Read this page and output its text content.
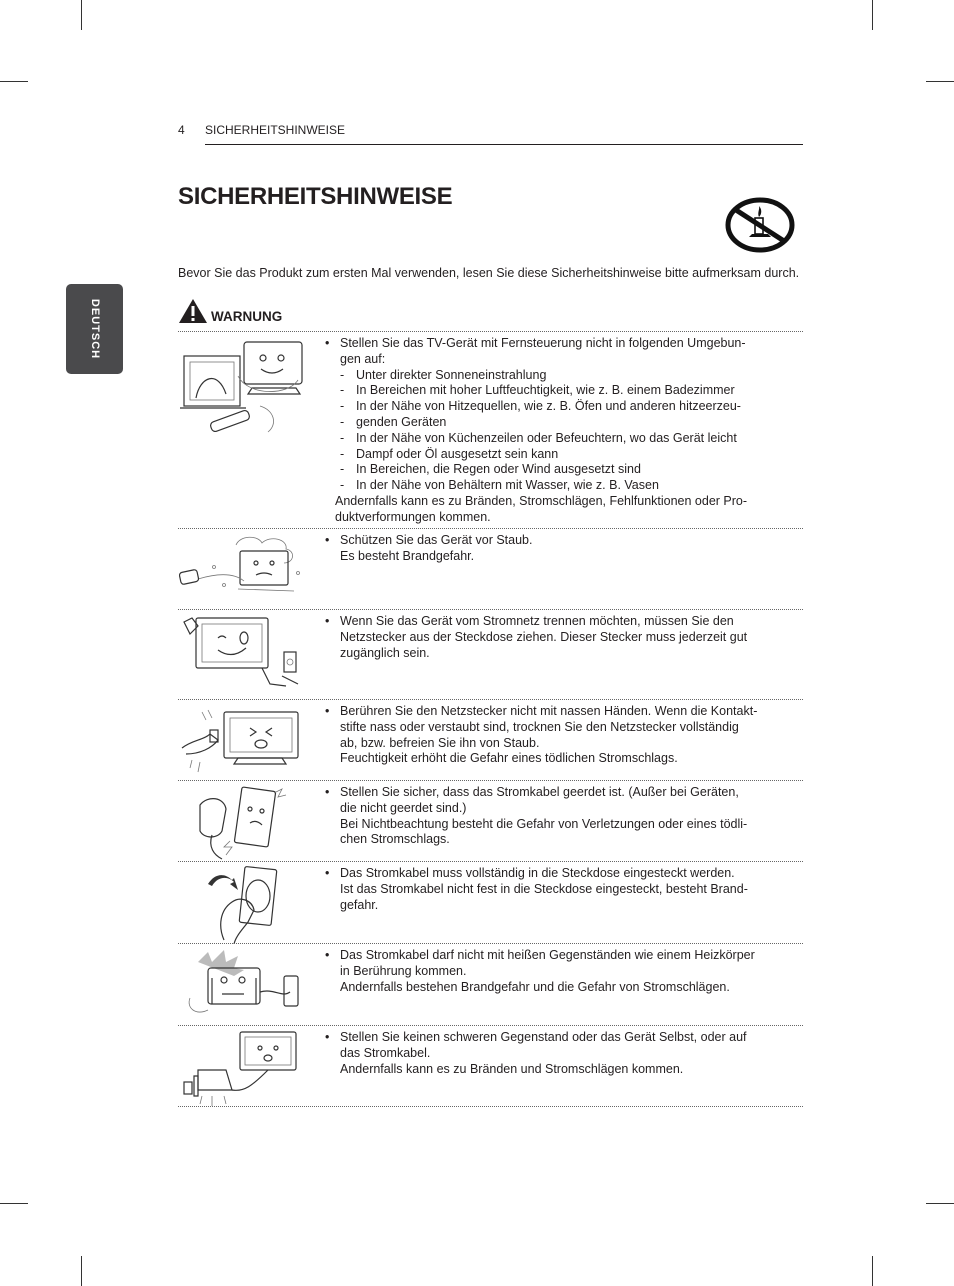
DEUTSCH
4 SICHERHEITSHINWEISE
SICHERHEITSHINWEISE
Bevor Sie das Produkt zum ersten Mal verwenden, lesen Sie diese Sicherheitshinweise bitte aufmerksam durch.
WARNUNG

• Stellen Sie das TV-Gerät mit Fernsteuerung nicht in folgenden Umgebun-

gen auf:

- Unter direkter Sonneneinstrahlung

- In Bereichen mit hoher Luftfeuchtigkeit, wie z. B. einem Badezimmer

- In der Nähe von Hitzequellen, wie z. B. Öfen und anderen hitzeerzeu-

- genden Geräten

- In der Nähe von Küchenzeilen oder Befeuchtern, wo das Gerät leicht

- Dampf oder Öl ausgesetzt sein kann

- In Bereichen, die Regen oder Wind ausgesetzt sind

- In der Nähe von Behältern mit Wasser, wie z. B. Vasen

Andernfalls kann es zu Bränden, Stromschlägen, Fehlfunktionen oder Pro-

duktverformungen kommen.

• Schützen Sie das Gerät vor Staub.

Es besteht Brandgefahr.

• Wenn Sie das Gerät vom Stromnetz trennen möchten, müssen Sie den

Netzstecker aus der Steckdose ziehen. Dieser Stecker muss jederzeit gut

zugänglich sein.

• Berühren Sie den Netzstecker nicht mit nassen Händen. Wenn die Kontakt-

stifte nass oder verstaubt sind, trocknen Sie den Netzstecker vollständig

ab, bzw. befreien Sie ihn von Staub.

Feuchtigkeit erhöht die Gefahr eines tödlichen Stromschlags.

• Stellen Sie sicher, dass das Stromkabel geerdet ist. (Außer bei Geräten,

die nicht geerdet sind.)

Bei Nichtbeachtung besteht die Gefahr von Verletzungen oder eines tödli-

chen Stromschlags.

• Das Stromkabel muss vollständig in die Steckdose eingesteckt werden.

Ist das Stromkabel nicht fest in die Steckdose eingesteckt, besteht Brand-

gefahr.

• Das Stromkabel darf nicht mit heißen Gegenständen wie einem Heizkörper

in Berührung kommen.

Andernfalls bestehen Brandgefahr und die Gefahr von Stromschlägen.

• Stellen Sie keinen schweren Gegenstand oder das Gerät Selbst, oder auf

das Stromkabel.

Andernfalls kann es zu Bränden und Stromschlägen kommen.
